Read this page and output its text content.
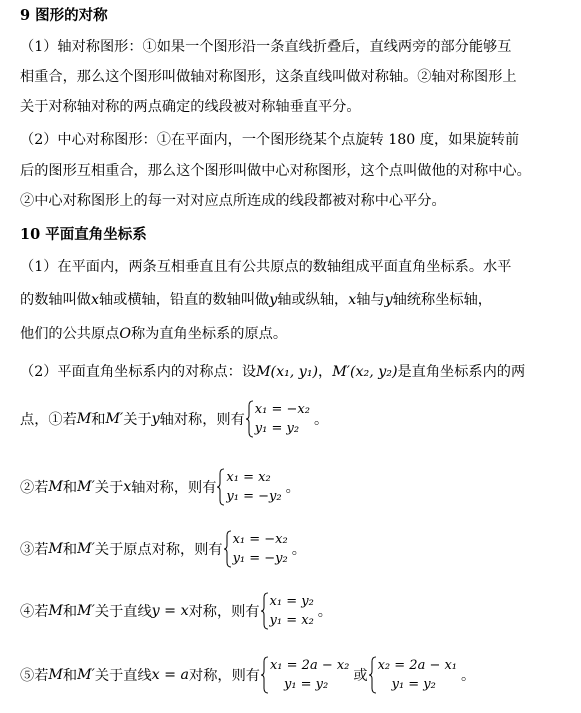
9 图形的对称
（1）轴对称图形：①如果一个图形沿一条直线折叠后，直线两旁的部分能够互
相重合，那么这个图形叫做轴对称图形，这条直线叫做对称轴。②轴对称图形上
关于对称轴对称的两点确定的线段被对称轴垂直平分。
（2）中心对称图形：①在平面内，一个图形绕某个点旋转 180 度，如果旋转前
后的图形互相重合，那么这个图形叫做中心对称图形，这个点叫做他的对称中心。
②中心对称图形上的每一对对应点所连成的线段都被对称中心平分。
10 平面直角坐标系
（1）在平面内，两条互相垂直且有公共原点的数轴组成平面直角坐标系。水平
的数轴叫做x轴或横轴，铅直的数轴叫做y轴或纵轴，x轴与y轴统称坐标轴，
他们的公共原点O称为直角坐标系的原点。
（2）平面直角坐标系内的对称点：设M(x₁, y₁)，M′(x₂, y₂)是直角坐标系内的两
点，①若 M 和 M′ 关于 y 轴对称，则有
x₁ = −x₂
y₁ = y₂
。
②若 M 和 M′ 关于 x 轴对称，则有
x₁ = x₂
y₁ = −y₂
。
③若 M 和 M′ 关于原点对称，则有
x₁ = −x₂
y₁ = −y₂
。
④若 M 和 M′ 关于直线 y = x 对称，则有
x₁ = y₂
y₁ = x₂
。
⑤若 M 和 M′ 关于直线 x = a 对称，则有
x₁ = 2a − x₂
y₁ = y₂
或
x₂ = 2a − x₁
y₁ = y₂
。
